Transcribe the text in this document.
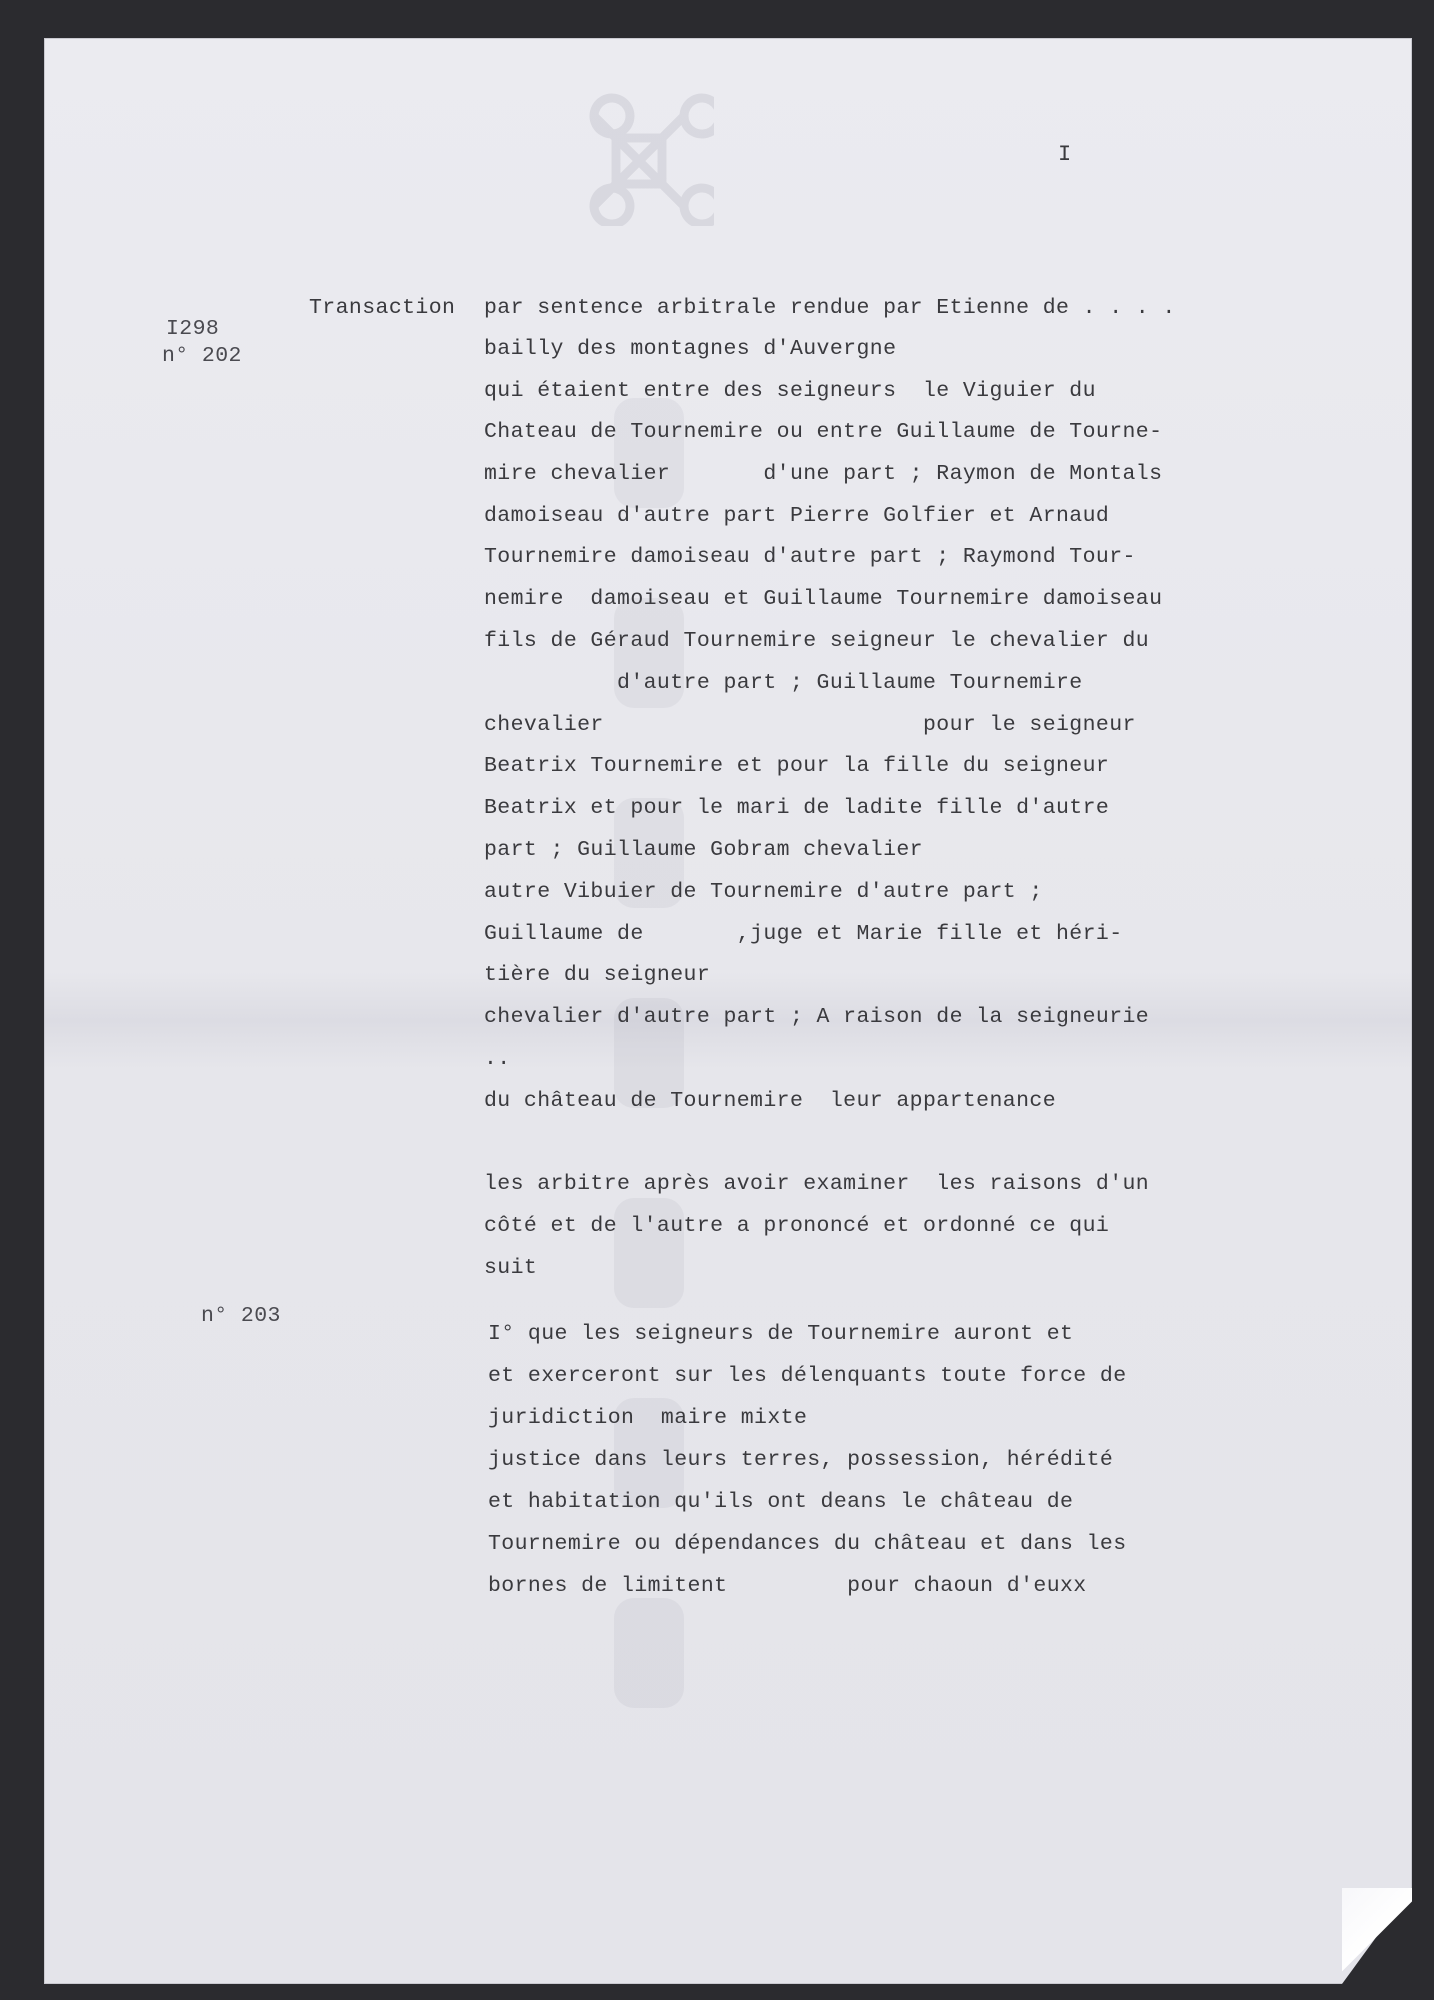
I
I298
n° 202
n° 203
Transaction par sentence arbitrale rendue par Etienne de . . . .
bailly des montagnes d'Auvergne
qui étaient entre des seigneurs  le Viguier du
Chateau de Tournemire ou entre Guillaume de Tourne-
mire chevalier       d'une part ; Raymon de Montals
damoiseau d'autre part Pierre Golfier et Arnaud
Tournemire damoiseau d'autre part ; Raymond Tour-
nemire  damoiseau et Guillaume Tournemire damoiseau
fils de Géraud Tournemire seigneur le chevalier du
d'autre part ; Guillaume Tournemire
chevalier                        pour le seigneur
Beatrix Tournemire et pour la fille du seigneur
Beatrix et pour le mari de ladite fille d'autre
part ; Guillaume Gobram chevalier
autre Vibuier de Tournemire d'autre part ;
Guillaume de       ,juge et Marie fille et héri-
tière du seigneur
chevalier d'autre part ; A raison de la seigneurie
..
du château de Tournemire  leur appartenance
les arbitre après avoir examiner  les raisons d'un
côté et de l'autre a prononcé et ordonné ce qui
suit
I° que les seigneurs de Tournemire auront et
et exerceront sur les délenquants toute force de
juridiction  maire mixte
justice dans leurs terres, possession, hérédité
et habitation qu'ils ont deans le château de
Tournemire ou dépendances du château et dans les
bornes de limitent         pour chaoun d'euxx
